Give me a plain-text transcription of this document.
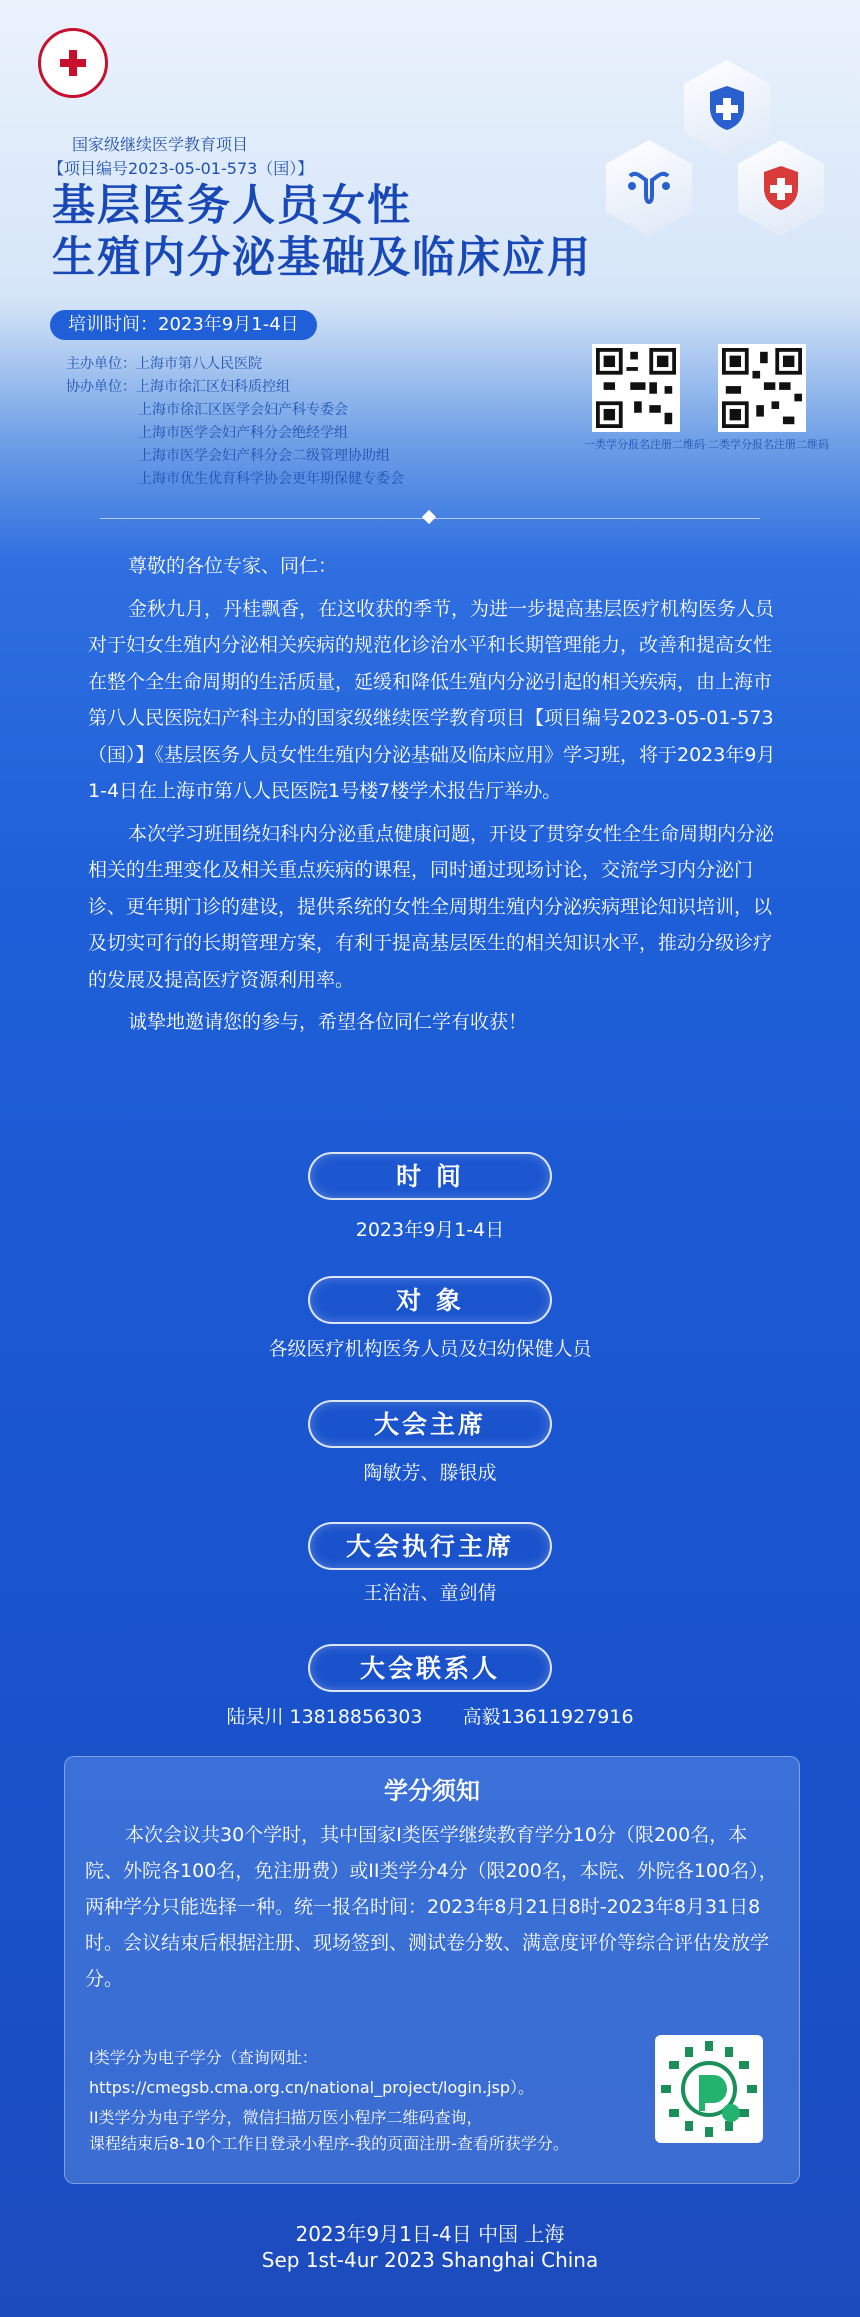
国家级继续医学教育项目
【项目编号2023-05-01-573（国）】
基层医务人员女性
生殖内分泌基础及临床应用
培训时间：2023年9月1-4日
主办单位：上海市第八人民医院
协办单位：上海市徐汇区妇科质控组
上海市徐汇区医学会妇产科专委会
上海市医学会妇产科分会绝经学组
上海市医学会妇产科分会二级管理协助组
上海市优生优育科学协会更年期保健专委会
一类学分报名注册二维码 二类学分报名注册二维码

尊敬的各位专家、同仁：

金秋九月，丹桂飘香，在这收获的季节，为进一步提高基层医疗机构医务人员对于妇女生殖内分泌相关疾病的规范化诊治水平和长期管理能力，改善和提高女性在整个全生命周期的生活质量，延缓和降低生殖内分泌引起的相关疾病，由上海市第八人民医院妇产科主办的国家级继续医学教育项目【项目编号2023-05-01-573（国）】《基层医务人员女性生殖内分泌基础及临床应用》学习班，将于2023年9月1-4日在上海市第八人民医院1号楼7楼学术报告厅举办。

本次学习班围绕妇科内分泌重点健康问题，开设了贯穿女性全生命周期内分泌相关的生理变化及相关重点疾病的课程，同时通过现场讨论，交流学习内分泌门诊、更年期门诊的建设，提供系统的女性全周期生殖内分泌疾病理论知识培训，以及切实可行的长期管理方案，有利于提高基层医生的相关知识水平，推动分级诊疗的发展及提高医疗资源利用率。

诚挚地邀请您的参与，希望各位同仁学有收获！

时 间
2023年9月1-4日
对 象
各级医疗机构医务人员及妇幼保健人员
大会主席
陶敏芳、滕银成
大会执行主席
王治洁、童剑倩
大会联系人
陆杲川 13818856303 高毅13611927916
学分须知
本次会议共30个学时，其中国家I类医学继续教育学分10分（限200名，本院、外院各100名，免注册费）或II类学分4分（限200名，本院、外院各100名），两种学分只能选择一种。统一报名时间：2023年8月21日8时-2023年8月31日8时。会议结束后根据注册、现场签到、测试卷分数、满意度评价等综合评估发放学分。
I类学分为电子学分（查询网址：
https://cmegsb.cma.org.cn/national_project/login.jsp）。
II类学分为电子学分，微信扫描万医小程序二维码查询，
课程结束后8-10个工作日登录小程序-我的页面注册-查看所获学分。
2023年9月1日-4日 中国 上海
Sep 1st-4ur 2023 Shanghai China
